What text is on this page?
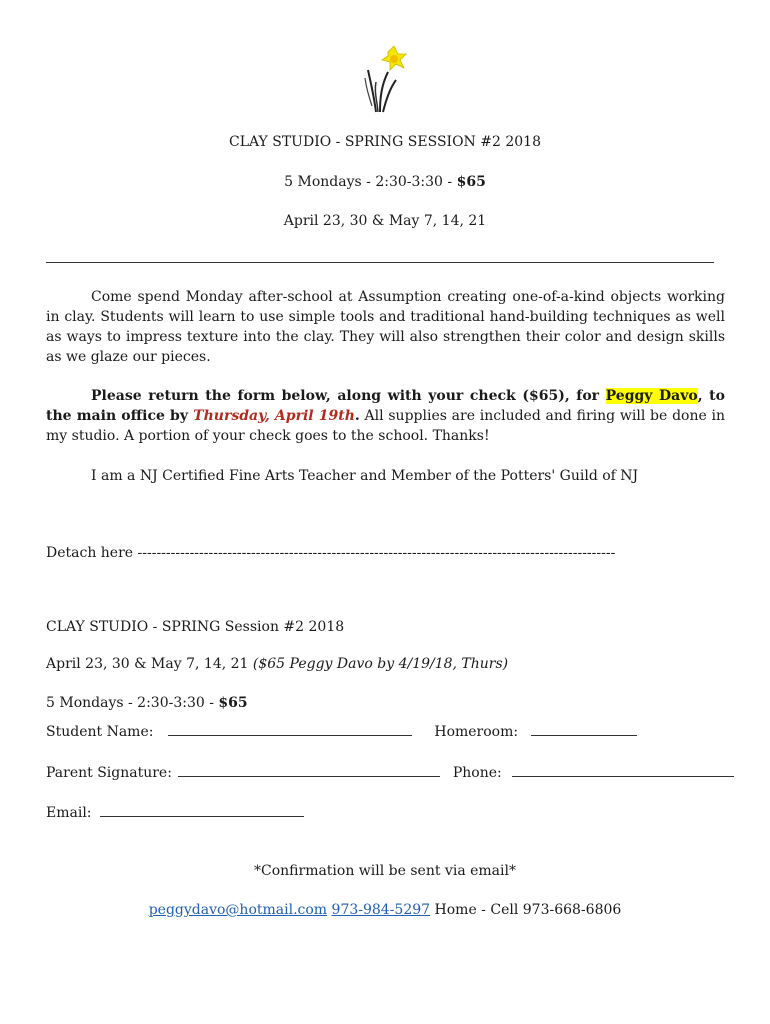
CLAY STUDIO - SPRING SESSION #2 2018
5 Mondays - 2:30-3:30 - $65
April 23, 30 & May 7, 14, 21
Come spend Monday after-school at Assumption creating one-of-a-kind objects working in clay. Students will learn to use simple tools and traditional hand-building techniques as well as ways to impress texture into the clay. They will also strengthen their color and design skills as we glaze our pieces.
Please return the form below, along with your check ($65), for Peggy Davo, to the main office by Thursday, April 19th. All supplies are included and firing will be done in my studio. A portion of your check goes to the school. Thanks!
I am a NJ Certified Fine Arts Teacher and Member of the Potters' Guild of NJ
Detach here -----------------------------------------------------------------------------------------------------
CLAY STUDIO - SPRING Session #2 2018
April 23, 30 & May 7, 14, 21 ($65 Peggy Davo by 4/19/18, Thurs)
5 Mondays - 2:30-3:30 - $65
Student Name:	Homeroom:
Parent Signature:	Phone:
Email:
*Confirmation will be sent via email*
peggydavo@hotmail.com 973-984-5297 Home - Cell 973-668-6806
